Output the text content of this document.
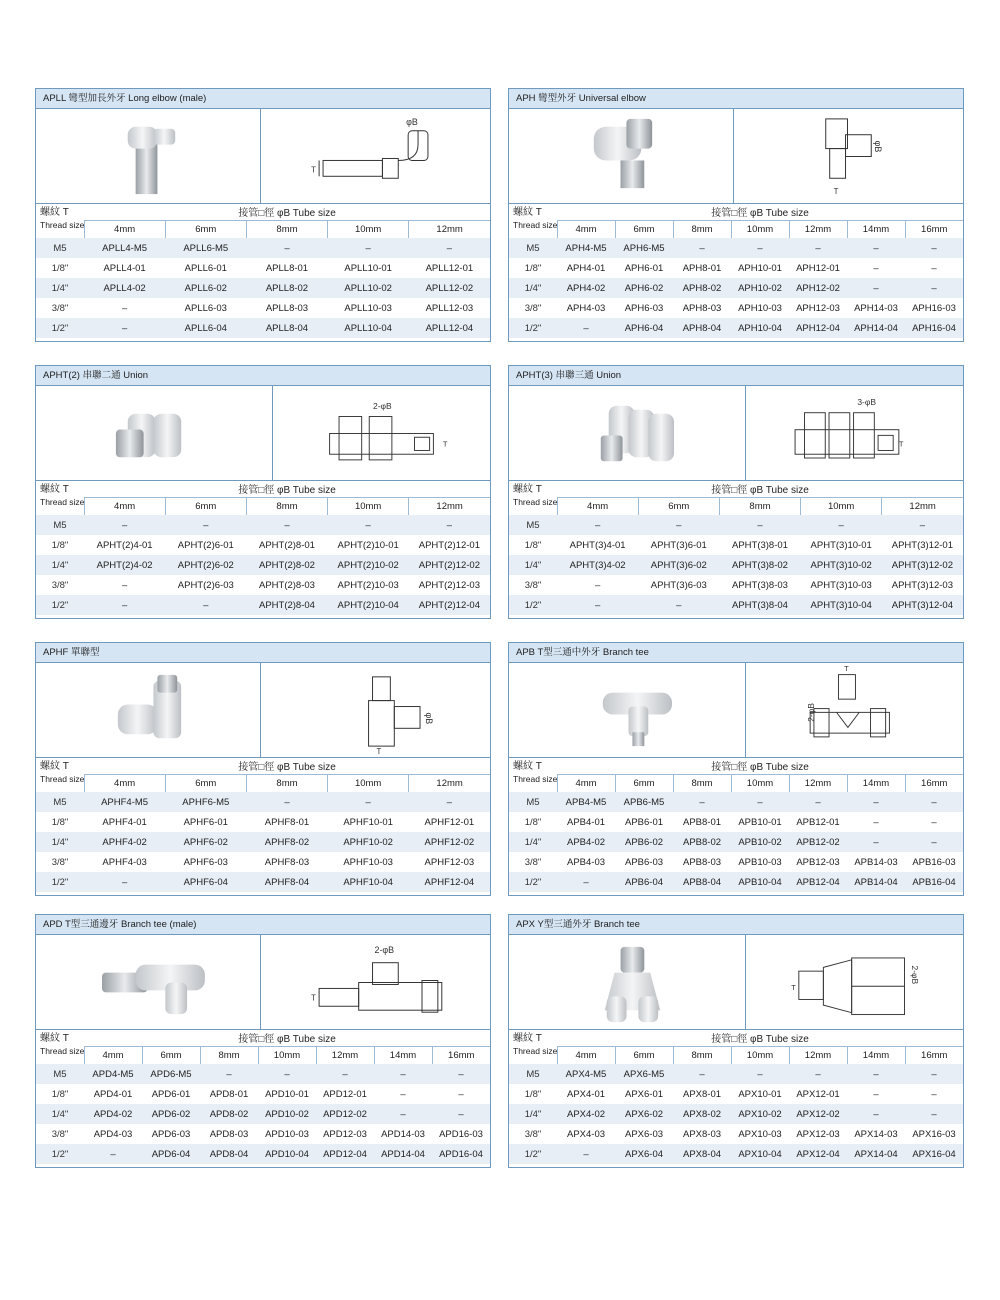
APLL 彎型加長外牙 Long elbow (male)
φB
T
螺紋 T
Thread size	接管□徑 φB Tube size				
	4mm	6mm	8mm	10mm	12mm
M5	APLL4-M5	APLL6-M5	–	–	–
1/8"	APLL4-01	APLL6-01	APLL8-01	APLL10-01	APLL12-01
1/4"	APLL4-02	APLL6-02	APLL8-02	APLL10-02	APLL12-02
3/8"	–	APLL6-03	APLL8-03	APLL10-03	APLL12-03
1/2"	–	APLL6-04	APLL8-04	APLL10-04	APLL12-04
APH 彎型外牙 Universal elbow
φB
T
螺紋 T
Thread size	接管□徑 φB Tube size						
	4mm	6mm	8mm	10mm	12mm	14mm	16mm
M5	APH4-M5	APH6-M5	–	–	–	–	–
1/8"	APH4-01	APH6-01	APH8-01	APH10-01	APH12-01	–	–
1/4"	APH4-02	APH6-02	APH8-02	APH10-02	APH12-02	–	–
3/8"	APH4-03	APH6-03	APH8-03	APH10-03	APH12-03	APH14-03	APH16-03
1/2"	–	APH6-04	APH8-04	APH10-04	APH12-04	APH14-04	APH16-04
APHT(2) 串聯二通 Union
2-φB
T
螺紋 T
Thread size	接管□徑 φB Tube size				
	4mm	6mm	8mm	10mm	12mm
M5	–	–	–	–	–
1/8"	APHT(2)4-01	APHT(2)6-01	APHT(2)8-01	APHT(2)10-01	APHT(2)12-01
1/4"	APHT(2)4-02	APHT(2)6-02	APHT(2)8-02	APHT(2)10-02	APHT(2)12-02
3/8"	–	APHT(2)6-03	APHT(2)8-03	APHT(2)10-03	APHT(2)12-03
1/2"	–	–	APHT(2)8-04	APHT(2)10-04	APHT(2)12-04
APHT(3) 串聯三通 Union
3-φB
T
螺紋 T
Thread size	接管□徑 φB Tube size				
	4mm	6mm	8mm	10mm	12mm
M5	–	–	–	–	–
1/8"	APHT(3)4-01	APHT(3)6-01	APHT(3)8-01	APHT(3)10-01	APHT(3)12-01
1/4"	APHT(3)4-02	APHT(3)6-02	APHT(3)8-02	APHT(3)10-02	APHT(3)12-02
3/8"	–	APHT(3)6-03	APHT(3)8-03	APHT(3)10-03	APHT(3)12-03
1/2"	–	–	APHT(3)8-04	APHT(3)10-04	APHT(3)12-04
APHF 單聯型
φB
T
螺紋 T
Thread size	接管□徑 φB Tube size				
	4mm	6mm	8mm	10mm	12mm
M5	APHF4-M5	APHF6-M5	–	–	–
1/8"	APHF4-01	APHF6-01	APHF8-01	APHF10-01	APHF12-01
1/4"	APHF4-02	APHF6-02	APHF8-02	APHF10-02	APHF12-02
3/8"	APHF4-03	APHF6-03	APHF8-03	APHF10-03	APHF12-03
1/2"	–	APHF6-04	APHF8-04	APHF10-04	APHF12-04
APB T型三通中外牙 Branch tee
2-φB
T
螺紋 T
Thread size	接管□徑 φB Tube size						
	4mm	6mm	8mm	10mm	12mm	14mm	16mm
M5	APB4-M5	APB6-M5	–	–	–	–	–
1/8"	APB4-01	APB6-01	APB8-01	APB10-01	APB12-01	–	–
1/4"	APB4-02	APB6-02	APB8-02	APB10-02	APB12-02	–	–
3/8"	APB4-03	APB6-03	APB8-03	APB10-03	APB12-03	APB14-03	APB16-03
1/2"	–	APB6-04	APB8-04	APB10-04	APB12-04	APB14-04	APB16-04
APD T型三通邊牙 Branch tee (male)
2-φB
T
螺紋 T
Thread size	接管□徑 φB Tube size						
	4mm	6mm	8mm	10mm	12mm	14mm	16mm
M5	APD4-M5	APD6-M5	–	–	–	–	–
1/8"	APD4-01	APD6-01	APD8-01	APD10-01	APD12-01	–	–
1/4"	APD4-02	APD6-02	APD8-02	APD10-02	APD12-02	–	–
3/8"	APD4-03	APD6-03	APD8-03	APD10-03	APD12-03	APD14-03	APD16-03
1/2"	–	APD6-04	APD8-04	APD10-04	APD12-04	APD14-04	APD16-04
APX Y型三通外牙 Branch tee
2-φB
T
螺紋 T
Thread size	接管□徑 φB Tube size						
	4mm	6mm	8mm	10mm	12mm	14mm	16mm
M5	APX4-M5	APX6-M5	–	–	–	–	–
1/8"	APX4-01	APX6-01	APX8-01	APX10-01	APX12-01	–	–
1/4"	APX4-02	APX6-02	APX8-02	APX10-02	APX12-02	–	–
3/8"	APX4-03	APX6-03	APX8-03	APX10-03	APX12-03	APX14-03	APX16-03
1/2"	–	APX6-04	APX8-04	APX10-04	APX12-04	APX14-04	APX16-04
